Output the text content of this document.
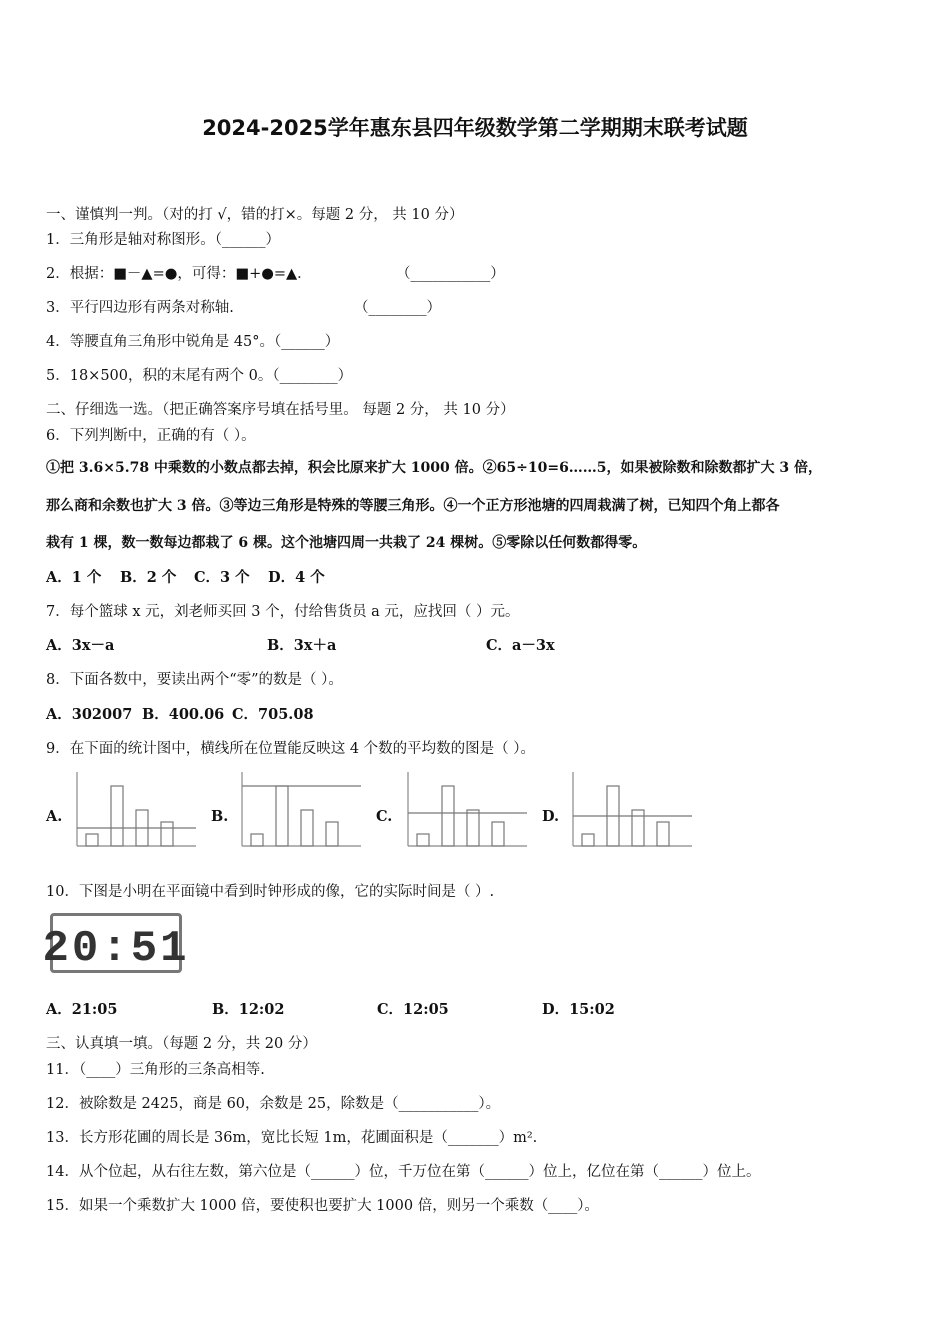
2024-2025学年惠东县四年级数学第二学期期末联考试题
一、谨慎判一判。（对的打 √，错的打×。每题 2 分， 共 10 分）
1．三角形是轴对称图形。（______）
2．根据：■－▲=●，可得：■+●=▲．	（___________）
3．平行四边形有两条对称轴.	（________）
4．等腰直角三角形中锐角是 45°。（______）
5．18×500，积的末尾有两个 0。（________）
二、仔细选一选。（把正确答案序号填在括号里。 每题 2 分， 共 10 分）
6．下列判断中，正确的有（ ）。
①把 3.6×5.78 中乘数的小数点都去掉，积会比原来扩大 1000 倍。②65÷10=6……5，如果被除数和除数都扩大 3 倍，
那么商和余数也扩大 3 倍。③等边三角形是特殊的等腰三角形。④一个正方形池塘的四周栽满了树，已知四个角上都各
栽有 1 棵，数一数每边都栽了 6 棵。这个池塘四周一共栽了 24 棵树。⑤零除以任何数都得零。
A．1 个 B．2 个 C．3 个 D．4 个
7．每个篮球 x 元，刘老师买回 3 个，付给售货员 a 元，应找回（ ）元。
A．3x－a	B．3x＋a	C．a－3x
8．下面各数中，要读出两个“零”的数是（ ）。
A．302007 B．400.06 C．705.08
9．在下面的统计图中，横线所在位置能反映这 4 个数的平均数的图是（ ）。
A.	B.	C.	D.
10．下图是小明在平面镜中看到时钟形成的像，它的实际时间是（ ）.
20:51
A．21:05	B．12:02	C．12:05	D．15:02
三、认真填一填。（每题 2 分，共 20 分）
11．（____）三角形的三条高相等.
12．被除数是 2425，商是 60，余数是 25，除数是（___________）。
13．长方形花圃的周长是 36m，宽比长短 1m，花圃面积是（_______）m².
14．从个位起，从右往左数，第六位是（______）位，千万位在第（______）位上，亿位在第（______）位上。
15．如果一个乘数扩大 1000 倍，要使积也要扩大 1000 倍，则另一个乘数（____）。
